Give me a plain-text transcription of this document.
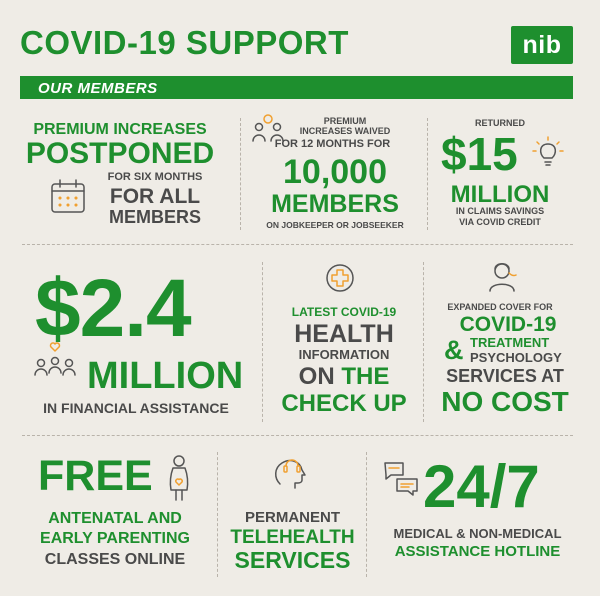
COVID-19 SUPPORT	nib
OUR MEMBERS
PREMIUM INCREASES
POSTPONED
FOR SIX MONTHS
FOR ALL
MEMBERS
PREMIUM
INCREASES WAIVED
FOR 12 MONTHS FOR
10,000
MEMBERS
ON JOBKEEPER OR JOBSEEKER
RETURNED
$15
MILLION
IN CLAIMS SAVINGS
VIA COVID CREDIT
$2.4
MILLION
IN FINANCIAL ASSISTANCE
LATEST COVID-19
HEALTH
INFORMATION
ON THE
CHECK UP
EXPANDED COVER FOR
COVID-19
& TREATMENT
PSYCHOLOGY
SERVICES AT
NO COST
FREE
ANTENATAL AND
EARLY PARENTING
CLASSES ONLINE
PERMANENT
TELEHEALTH
SERVICES
24/7
MEDICAL & NON-MEDICAL
ASSISTANCE HOTLINE
